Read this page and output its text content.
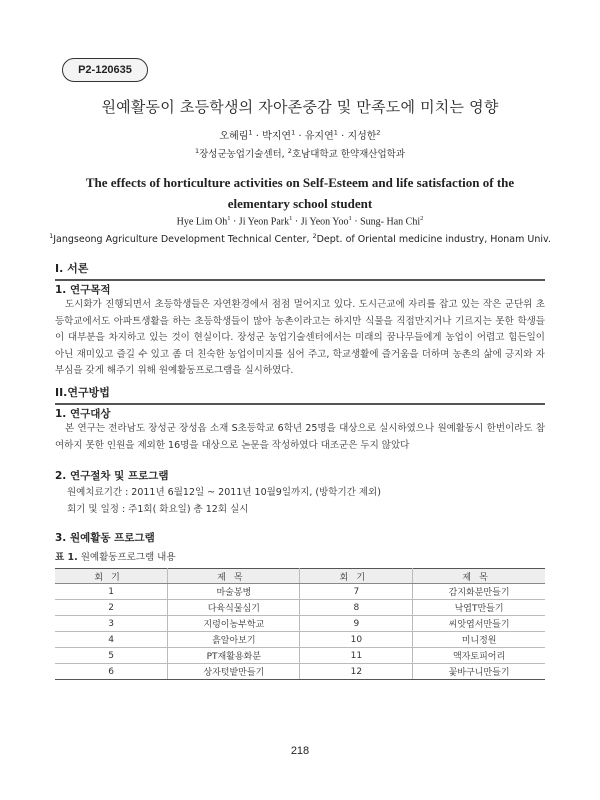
P2-120635
원예활동이 초등학생의 자아존중감 및 만족도에 미치는 영향
오혜림$^1$ · 박지연$^1$ · 유지연$^1$ · 지성한$^2$
$^1$장성군농업기술센터, $^2$호남대학교 한약재산업학과
The effects of horticulture activities on Self-Esteem and life satisfaction of the elementary school student
Hye Lim $Oh^1 \cdot Ji$ Yeon Park$^1$ · Ji Yeon Yoo$^1$ · Sung- Han Chi$^2$
$^1$Jangseong Agriculture Development Technical Center, $^2$Dept. of Oriental medicine industry, Honam Univ.
I. 서론
1. 연구목적
도시화가 진행되면서 초등학생들은 자연환경에서 점점 멀어지고 있다. 도시근교에 자리를 잡고 있는 작은 군단위 초등학교에서도 아파트생활을 하는 초등학생들이 많아 농촌이라고는 하지만 식물을 직접만지거나 기르지는 못한 학생들이 대부분을 차지하고 있는 것이 현실이다. 장성군 농업기술센터에서는 미래의 꿈나무들에게 농업이 어렵고 힘든일이 아닌 재미있고 즐길 수 있고 좀 더 친숙한 농업이미지를 심어 주고, 학교생활에 즐거움을 더하며 농촌의 삶에 긍지와 자부심을 갖게 해주기 위해 원예활동프로그램을 실시하였다.
II.연구방법
1. 연구대상
본 연구는 전라남도 장성군 장성읍 소재 S초등학교 6학년 25명을 대상으로 실시하였으나 원예활동시 한번이라도 참여하지 못한 인원을 제외한 16명을 대상으로 논문을 작성하였다 대조군은 두지 않았다
2. 연구절차 및 프로그램
원예치료기간 : 2011년 6월12일 ~ 2011년 10월9일까지, (방학기간 제외)
회기 및 일정 : 주1회( 화요일) 총 12회 실시
3. 원예활동 프로그램
표 1. 원예활동프로그램 내용
회기	제목	회기	제목
1	마술봉병	7	감지화분만들기
2	다육식물심기	8	낙엽T만들기
3	지렁이농부학교	9	씨앗엽서만들기
4	흙알아보기	10	미니정원
5	PT재활용화분	11	액자토피어리
6	상자텃밭만들기	12	꽃바구니만들기
218
